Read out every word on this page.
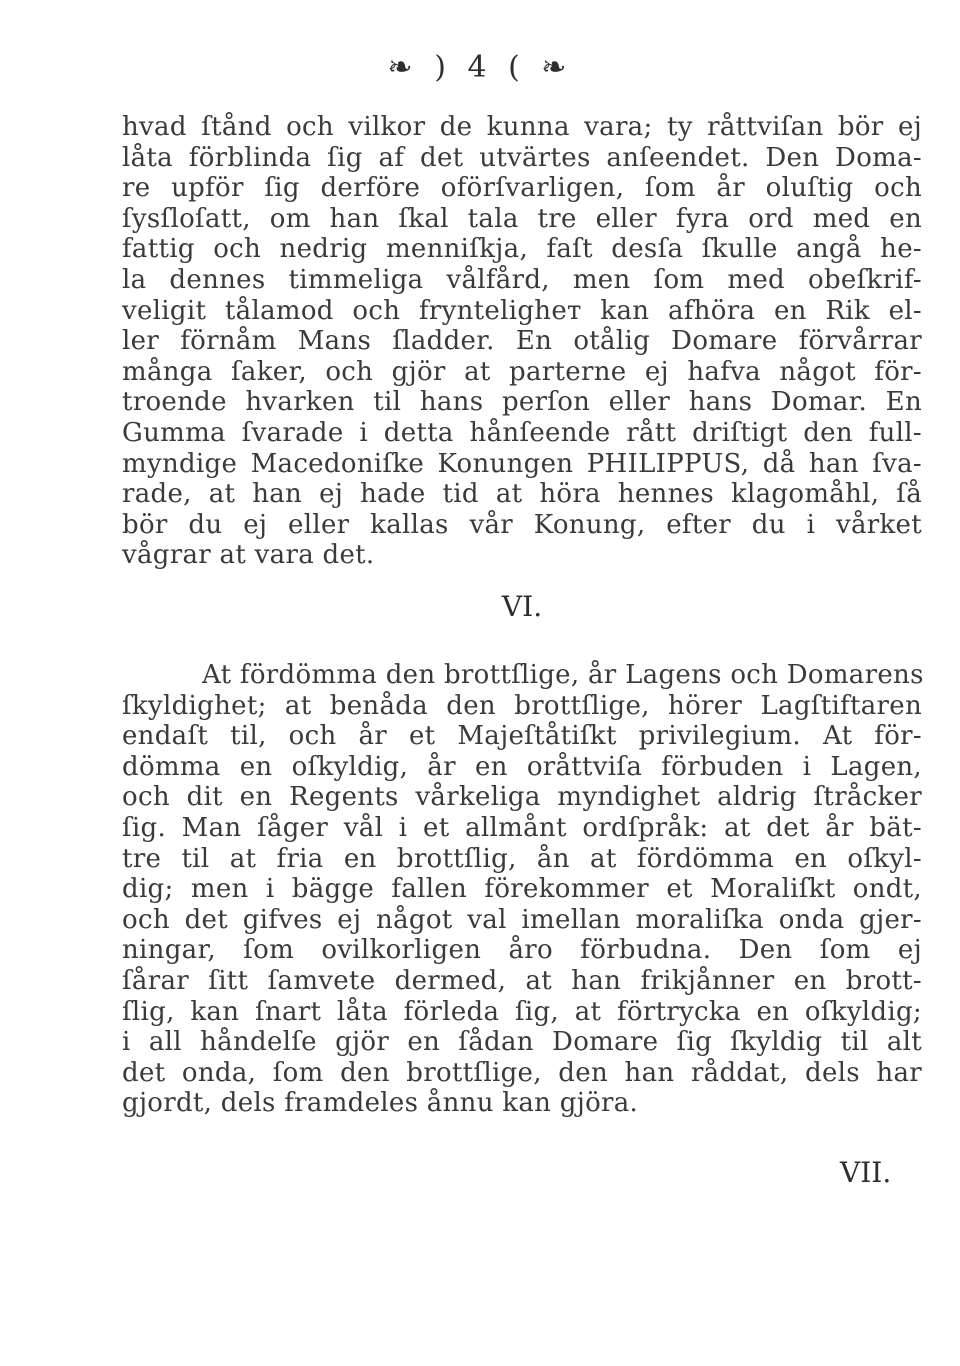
❧ ) 4 ( ❧
hvad ſtånd och vilkor de kunna vara; ty råttviſan bör ej
låta förblinda ſig af det utvärtes anſeendet. Den Doma-
re upför ſig derföre oförſvarligen, ſom år oluſtig och
ſysſloſatt, om han ſkal tala tre eller fyra ord med en
fattig och nedrig menniſkja, faſt desſa ſkulle angå he-
la dennes timmeliga vålfård, men ſom med obeſkrif-
veligit tålamod och frynteligheт kan afhöra en Rik el-
ler förnåm Mans ſladder. En otålig Domare förvårrar
många ſaker, och gjör at parterne ej hafva något för-
troende hvarken til hans perſon eller hans Domar. En
Gumma ſvarade i detta hånſeende rått driſtigt den full-
myndige Macedoniſke Konungen PHILIPPUS, då han ſva-
rade, at han ej hade tid at höra hennes klagomåhl, ſå
bör du ej eller kallas vår Konung, efter du i vårket
vågrar at vara det.
VI.
At fördömma den brottſlige, år Lagens och Domarens
ſkyldighet; at benåda den brottſlige, hörer Lagſtiftaren
endaſt til, och år et Majeſtåtiſkt privilegium. At för-
dömma en oſkyldig, år en oråttviſa förbuden i Lagen,
och dit en Regents vårkeliga myndighet aldrig ſtråcker
ſig. Man ſåger vål i et allmånt ordſpråk: at det år bät-
tre til at fria en brottſlig, ån at fördömma en oſkyl-
dig; men i bägge fallen förekommer et Moraliſkt ondt,
och det gifves ej något val imellan moraliſka onda gjer-
ningar, ſom ovilkorligen åro förbudna. Den ſom ej
ſårar ſitt ſamvete dermed, at han frikjånner en brott-
ſlig, kan ſnart låta förleda ſig, at förtrycka en oſkyldig;
i all håndelſe gjör en ſådan Domare ſig ſkyldig til alt
det onda, ſom den brottſlige, den han råddat, dels har
gjordt, dels framdeles ånnu kan gjöra.
VII.
